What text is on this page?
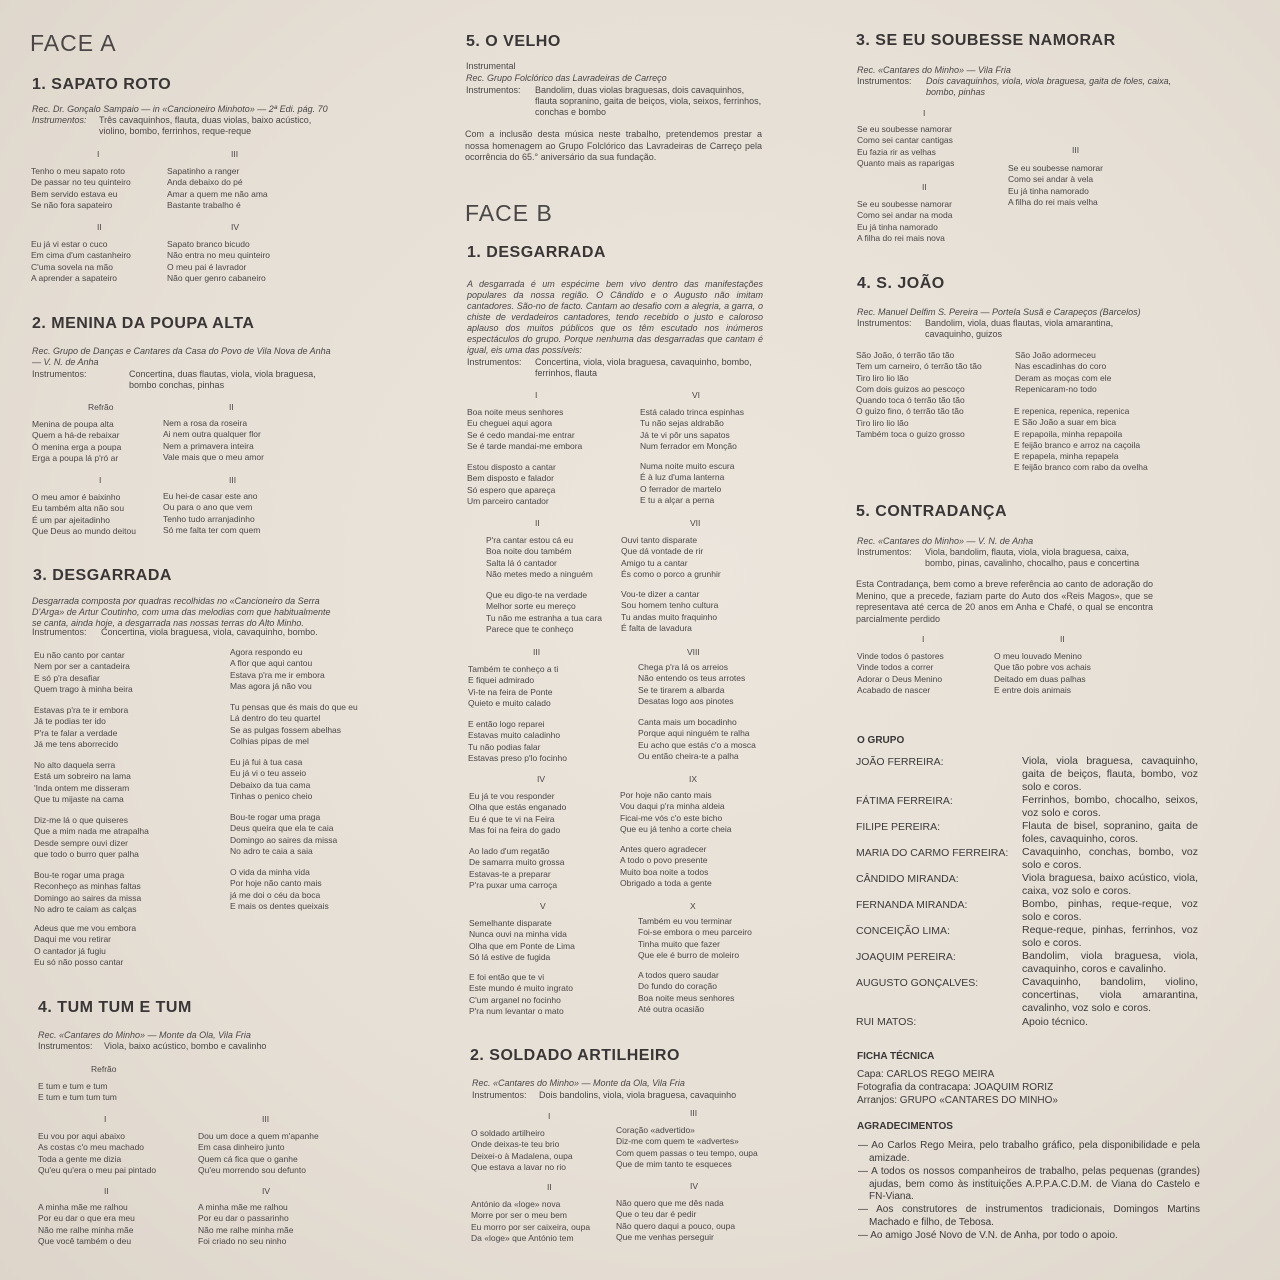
FACE A
1. SAPATO ROTO
Rec. Dr. Gonçalo Sampaio — in «Cancioneiro Minhoto» — 2ª Edi. pág. 70
Instrumentos:	Três cavaquinhos, flauta, duas violas, baixo acústico, violino, bombo, ferrinhos, reque-reque
I	III
Tenho o meu sapato roto
De passar no teu quinteiro
Bem servido estava eu
Se não fora sapateiro
Sapatinho a ranger
Anda debaixo do pé
Amar a quem me não ama
Bastante trabalho é
II	IV
Eu já vi estar o cuco
Em cima d'um castanheiro
C'uma sovela na mão
A aprender a sapateiro
Sapato branco bicudo
Não entra no meu quinteiro
O meu pai é lavrador
Não quer genro cabaneiro
2. MENINA DA POUPA ALTA
Rec. Grupo de Danças e Cantares da Casa do Povo de Vila Nova de Anha — V. N. de Anha
Instrumentos:	Concertina, duas flautas, viola, viola braguesa, bombo conchas, pinhas
Refrão	II
Menina de poupa alta
Quem a há-de rebaixar
Ó menina erga a poupa
Erga a poupa lá p'ró ar
Nem a rosa da roseira
Ai nem outra qualquer flor
Nem a primavera inteira
Vale mais que o meu amor
I	III
O meu amor é baixinho
Eu também alta não sou
É um par ajeitadinho
Que Deus ao mundo deitou
Eu hei-de casar este ano
Ou para o ano que vem
Tenho tudo arranjadinho
Só me falta ter com quem
3. DESGARRADA
Desgarrada composta por quadras recolhidas no «Cancioneiro da Serra D'Arga» de Artur Coutinho, com uma das melodias com que habitualmente se canta, ainda hoje, a desgarrada nas nossas terras do Alto Minho.
Instrumentos: Concertina, viola braguesa, viola, cavaquinho, bombo.
Eu não canto por cantar
Nem por ser a cantadeira
E só p'ra desafiar
Quem trago à minha beira
Estavas p'ra te ir embora
Já te podias ter ido
P'ra te falar a verdade
Já me tens aborrecido
No alto daquela serra
Está um sobreiro na lama
'Inda ontem me disseram
Que tu mijaste na cama
Diz-me lá o que quiseres
Que a mim nada me atrapalha
Desde sempre ouvi dizer
que todo o burro quer palha
Bou-te rogar uma praga
Reconheço as minhas faltas
Domingo ao saires da missa
No adro te caiam as calças
Adeus que me vou embora
Daqui me vou retirar
O cantador já fugiu
Eu só não posso cantar
Agora respondo eu
A flor que aqui cantou
Estava p'ra me ir embora
Mas agora já não vou
Tu pensas que és mais do que eu
Lá dentro do teu quartel
Se as pulgas fossem abelhas
Colhias pipas de mel
Eu já fui à tua casa
Eu já vi o teu asseio
Debaixo da tua cama
Tinhas o penico cheio
Bou-te rogar uma praga
Deus queira que ela te caia
Domingo ao saires da missa
No adro te caia a saia
O vida da minha vida
Por hoje não canto mais
já me doi o céu da boca
E mais os dentes queixais
4. TUM TUM E TUM
Rec. «Cantares do Minho» — Monte da Ola, Vila Fria
Instrumentos: Viola, baixo acústico, bombo e cavalinho
Refrão
E tum e tum e tum
E tum e tum tum tum
I	III
Eu vou por aqui abaixo
As costas c'o meu machado
Toda a gente me dizia
Qu'eu qu'era o meu pai pintado
Dou um doce a quem m'apanhe
Em casa dinheiro junto
Quem cá fica que o ganhe
Qu'eu morrendo sou defunto
II	IV
A minha mãe me ralhou
Por eu dar o que era meu
Não me ralhe minha mãe
Que você também o deu
A minha mãe me ralhou
Por eu dar o passarinho
Não me ralhe minha mãe
Foi criado no seu ninho
5. O VELHO
Instrumental
Rec. Grupo Folclórico das Lavradeiras de Carreço
Instrumentos: Bandolim, duas violas braguesas, dois cavaquinhos, flauta sopranino, gaita de beiços, viola, seixos, ferrinhos, conchas e bombo
Com a inclusão desta música neste trabalho, pretendemos prestar a nossa homenagem ao Grupo Folclórico das Lavradeiras de Carreço pela ocorrência do 65.° aniversário da sua fundação.
FACE B
1. DESGARRADA
A desgarrada é um espécime bem vivo dentro das manifestações populares da nossa região. O Cândido e o Augusto não imitam cantadores. São-no de facto. Cantam ao desafio com a alegria, a garra, o chiste de verdadeiros cantadores, tendo recebido o justo e caloroso aplauso dos muitos públicos que os têm escutado nos inúmeros espectáculos do grupo. Porque nenhuma das desgarradas que cantam é igual, eis uma das possíveis:
Instrumentos: Concertina, viola, viola braguesa, cavaquinho, bombo, ferrinhos, flauta
I	VI
Boa noite meus senhores
Eu cheguei aqui agora
Se é cedo mandai-me entrar
Se é tarde mandai-me embora
Estou disposto a cantar
Bem disposto e falador
Só espero que apareça
Um parceiro cantador
Está calado trinca espinhas
Tu não sejas aldrabão
Já te vi pôr uns sapatos
Num ferrador em Monção
Numa noite muito escura
É à luz d'uma lanterna
O ferrador de martelo
E tu a alçar a perna
II	VII
P'ra cantar estou cá eu
Boa noite dou também
Salta lá ó cantador
Não metes medo a ninguém
Que eu digo-te na verdade
Melhor sorte eu mereço
Tu não me estranha a tua cara
Parece que te conheço
Ouvi tanto disparate
Que dá vontade de rir
Amigo tu a cantar
És como o porco a grunhir
Vou-te dizer a cantar
Sou homem tenho cultura
Tu andas muito fraquinho
É falta de lavadura
III	VIII
Também te conheço a ti
E fiquei admirado
Vi-te na feira de Ponte
Quieto e muito calado
E então logo reparei
Estavas muito caladinho
Tu não podias falar
Estavas preso p'lo focinho
Chega p'ra lá os arreios
Não entendo os teus arrotes
Se te tirarem a albarda
Desatas logo aos pinotes
Canta mais um bocadinho
Porque aqui ninguém te ralha
Eu acho que estás c'o a mosca
Ou então cheira-te a palha
IV	IX
Eu já te vou responder
Olha que estás enganado
Eu é que te vi na Feira
Mas foi na feira do gado
Ao lado d'um regatão
De samarra muito grossa
Estavas-te a preparar
P'ra puxar uma carroça
Por hoje não canto mais
Vou daqui p'ra minha aldeia
Ficai-me vós c'o este bicho
Que eu já tenho a corte cheia
Antes quero agradecer
A todo o povo presente
Muito boa noite a todos
Obrigado a toda a gente
V	X
Semelhante disparate
Nunca ouvi na minha vida
Olha que em Ponte de Lima
Só lá estive de fugida
E foi então que te vi
Este mundo é muito ingrato
C'um arganel no focinho
P'ra num levantar o mato
Também eu vou terminar
Foi-se embora o meu parceiro
Tinha muito que fazer
Que ele é burro de moleiro
A todos quero saudar
Do fundo do coração
Boa noite meus senhores
Até outra ocasião
2. SOLDADO ARTILHEIRO
Rec. «Cantares do Minho» — Monte da Ola, Vila Fria
Instrumentos: Dois bandolins, viola, viola braguesa, cavaquinho
I	III
O soldado artilheiro
Onde deixas-te teu brio
Deixei-o à Madalena, oupa
Que estava a lavar no rio
Coração «advertido»
Diz-me com quem te «advertes»
Com quem passas o teu tempo, oupa
Que de mim tanto te esqueces
II	IV
António da «loge» nova
Morre por ser o meu bem
Eu morro por ser caixeira, oupa
Da «loge» que António tem
Não quero que me dês nada
Que o teu dar é pedir
Não quero daqui a pouco, oupa
Que me venhas perseguir
3. SE EU SOUBESSE NAMORAR
Rec. «Cantares do Minho» — Vila Fria
Instrumentos: Dois cavaquinhos, viola, viola braguesa, gaita de foles, caixa, bombo, pinhas
I
Se eu soubesse namorar
Como sei cantar cantigas
Eu fazia rir as velhas
Quanto mais as raparigas
II
Se eu soubesse namorar
Como sei andar na moda
Eu já tinha namorado
A filha do rei mais nova
III
Se eu soubesse namorar
Como sei andar à vela
Eu já tinha namorado
A filha do rei mais velha
4. S. JOÃO
Rec. Manuel Delfim S. Pereira — Portela Susã e Carapeços (Barcelos)
Instrumentos: Bandolim, viola, duas flautas, viola amarantina, cavaquinho, guizos
São João, ó terrão tão tão
Tem um carneiro, ó terrão tão tão
Tiro liro lio lão
Com dois guizos ao pescoço
Quando toca ó terrão tão tão
O guizo fino, ó terrão tão tão
Tiro liro lio lão
Também toca o guizo grosso
São João adormeceu
Nas escadinhas do coro
Deram as moças com ele
Repenicaram-no todo
E repenica, repenica, repenica
E São João a suar em bica
E repapoila, minha repapoila
E feijão branco e arroz na caçoila
E repapela, minha repapela
E feijão branco com rabo da ovelha
5. CONTRADANÇA
Rec. «Cantares do Minho» — V. N. de Anha
Instrumentos: Viola, bandolim, flauta, viola, viola braguesa, caixa, bombo, pinas, cavalinho, chocalho, paus e concertina
Esta Contradança, bem como a breve referência ao canto de adoração do Menino, que a precede, faziam parte do Auto dos «Reis Magos», que se representava até cerca de 20 anos em Anha e Chafé, o qual se encontra parcialmente perdido
I	II
Vinde todos ó pastores
Vinde todos a correr
Adorar o Deus Menino
Acabado de nascer
O meu louvado Menino
Que tão pobre vos achais
Deitado em duas palhas
E entre dois animais
O GRUPO
JOÃO FERREIRA:	Viola, viola braguesa, cavaquinho, gaita de beiços, flauta, bombo, voz solo e coros.
FÁTIMA FERREIRA:	Ferrinhos, bombo, chocalho, seixos, voz solo e coros.
FILIPE PEREIRA:	Flauta de bisel, sopranino, gaita de foles, cavaquinho, coros.
MARIA DO CARMO FERREIRA: Cavaquinho, conchas, bombo, voz solo e coros.
CÂNDIDO MIRANDA:	Viola braguesa, baixo acústico, viola, caixa, voz solo e coros.
FERNANDA MIRANDA:	Bombo, pinhas, reque-reque, voz solo e coros.
CONCEIÇÃO LIMA:	Reque-reque, pinhas, ferrinhos, voz solo e coros.
JOAQUIM PEREIRA:	Bandolim, viola braguesa, viola, cavaquinho, coros e cavalinho.
AUGUSTO GONÇALVES:	Cavaquinho, bandolim, violino, concertinas, viola amarantina, cavalinho, voz solo e coros.
RUI MATOS:	Apoio técnico.
FICHA TÉCNICA
Capa: CARLOS REGO MEIRA
Fotografia da contracapa: JOAQUIM RORIZ
Arranjos: GRUPO «CANTARES DO MINHO»
AGRADECIMENTOS
— Ao Carlos Rego Meira, pelo trabalho gráfico, pela disponibilidade e pela amizade.
— A todos os nossos companheiros de trabalho, pelas pequenas (grandes) ajudas, bem como às instituições A.P.P.A.C.D.M. de Viana do Castelo e FN-Viana.
— Aos construtores de instrumentos tradicionais, Domingos Martins Machado e filho, de Tebosa.
— Ao amigo José Novo de V.N. de Anha, por todo o apoio.
